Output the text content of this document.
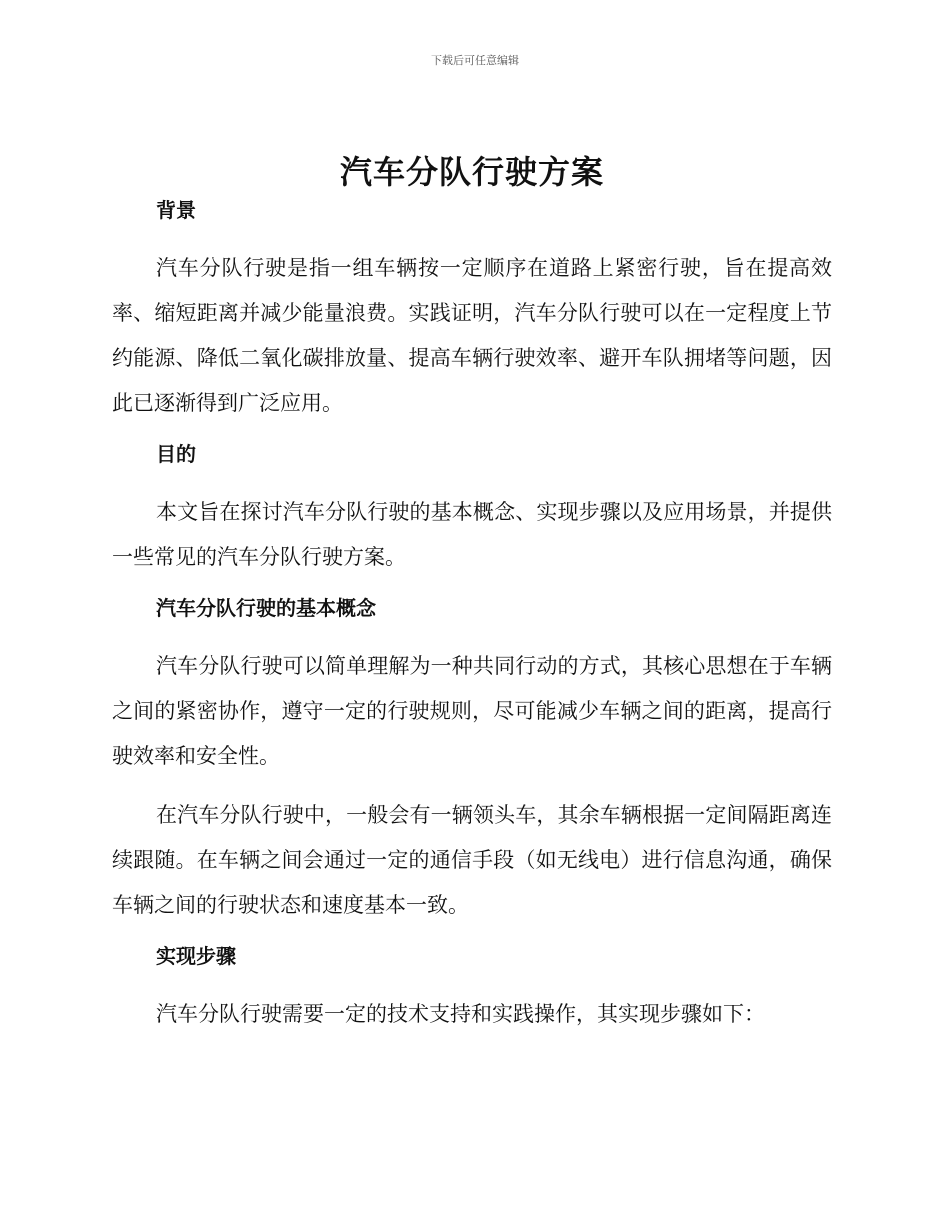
下载后可任意编辑
汽车分队行驶方案
背景

汽车分队行驶是指一组车辆按一定顺序在道路上紧密行驶，旨在提高效率、缩短距离并减少能量浪费。实践证明，汽车分队行驶可以在一定程度上节约能源、降低二氧化碳排放量、提高车辆行驶效率、避开车队拥堵等问题，因此已逐渐得到广泛应用。

目的

本文旨在探讨汽车分队行驶的基本概念、实现步骤以及应用场景，并提供一些常见的汽车分队行驶方案。

汽车分队行驶的基本概念

汽车分队行驶可以简单理解为一种共同行动的方式，其核心思想在于车辆之间的紧密协作，遵守一定的行驶规则，尽可能减少车辆之间的距离，提高行驶效率和安全性。

在汽车分队行驶中，一般会有一辆领头车，其余车辆根据一定间隔距离连续跟随。在车辆之间会通过一定的通信手段（如无线电）进行信息沟通，确保车辆之间的行驶状态和速度基本一致。

实现步骤

汽车分队行驶需要一定的技术支持和实践操作，其实现步骤如下：
